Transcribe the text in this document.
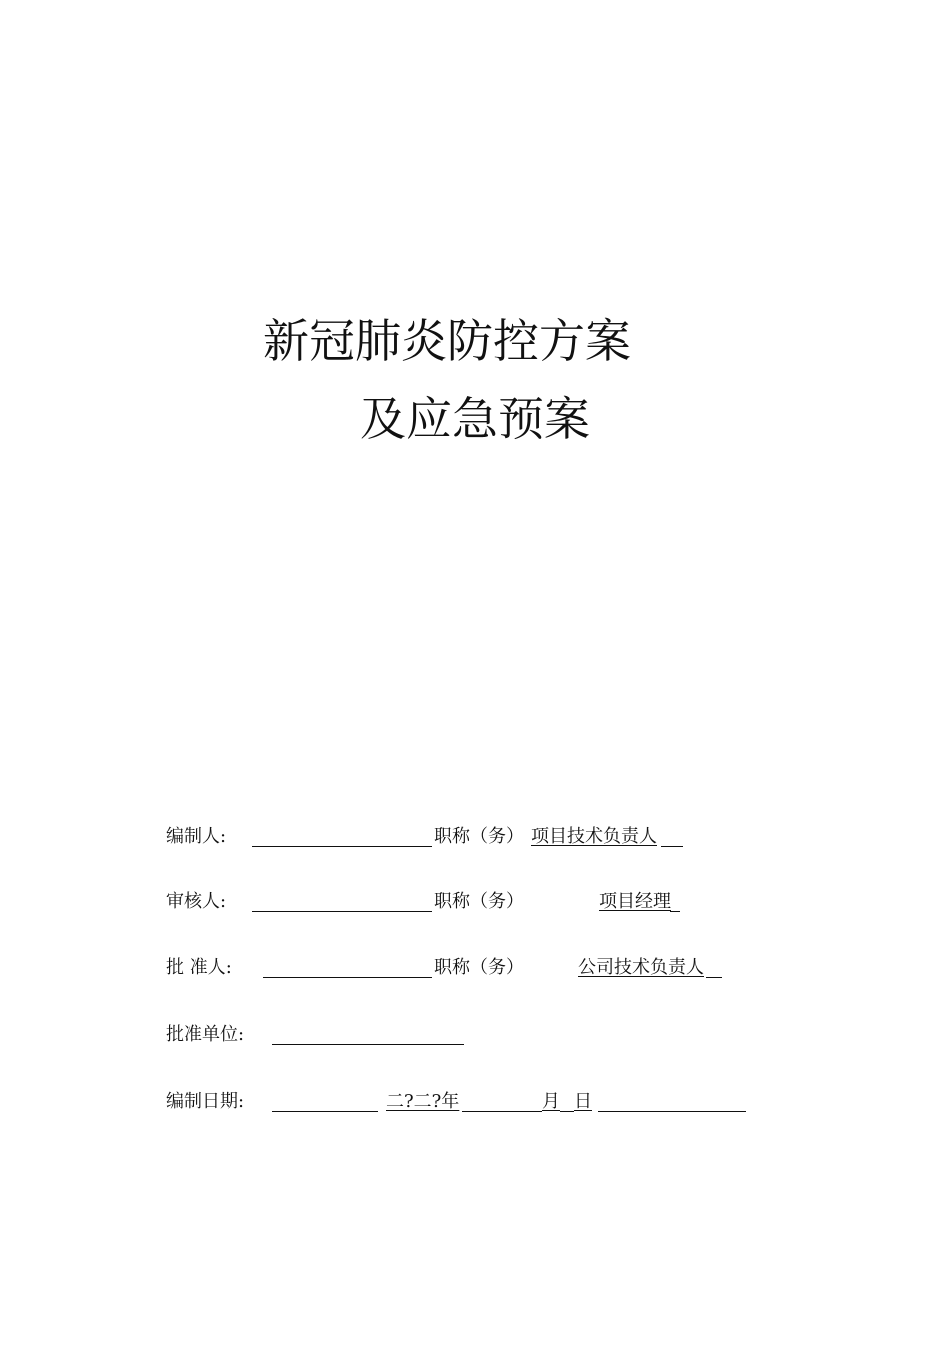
新冠肺炎防控方案
及应急预案
编制人:	职称（务） 项目技术负责人
审核人:	职称（务）	项目经理
批 准人:	职称（务）	公司技术负责人
批准单位:
编制日期:	二?二?年	月 日
